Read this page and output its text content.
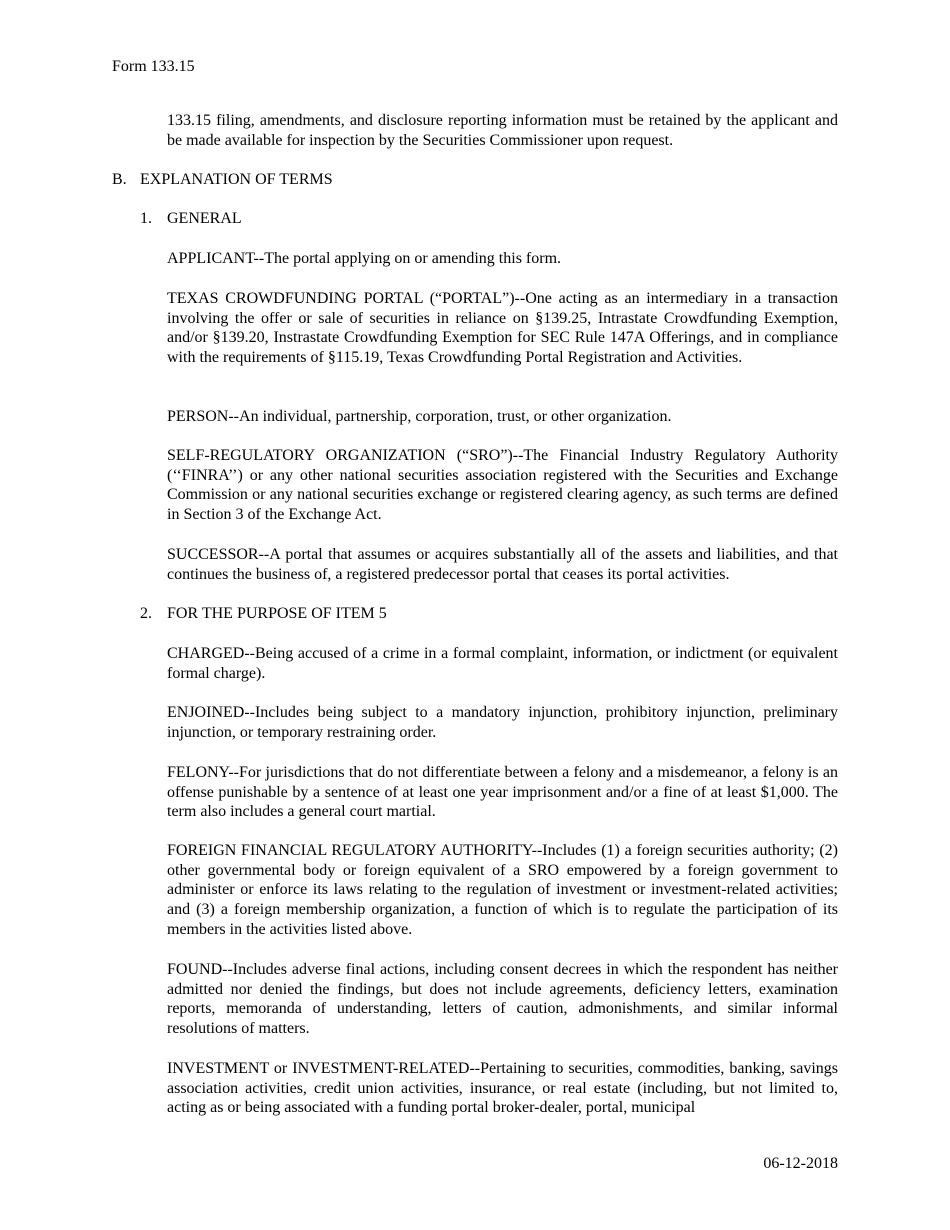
Form 133.15

133.15 filing, amendments, and disclosure reporting information must be retained by the applicant and be made available for inspection by the Securities Commissioner upon request.

B. EXPLANATION OF TERMS
1. GENERAL

APPLICANT--The portal applying on or amending this form.

TEXAS CROWDFUNDING PORTAL (“PORTAL”)--One acting as an intermediary in a transaction involving the offer or sale of securities in reliance on §139.25, Intrastate Crowdfunding Exemption, and/or §139.20, Instrastate Crowdfunding Exemption for SEC Rule 147A Offerings, and in compliance with the requirements of §115.19, Texas Crowdfunding Portal Registration and Activities.

PERSON--An individual, partnership, corporation, trust, or other organization.

SELF-REGULATORY ORGANIZATION (“SRO”)--The Financial Industry Regulatory Authority (‘‘FINRA’’) or any other national securities association registered with the Securities and Exchange Commission or any national securities exchange or registered clearing agency, as such terms are defined in Section 3 of the Exchange Act.

SUCCESSOR--A portal that assumes or acquires substantially all of the assets and liabilities, and that continues the business of, a registered predecessor portal that ceases its portal activities.

2. FOR THE PURPOSE OF ITEM 5

CHARGED--Being accused of a crime in a formal complaint, information, or indictment (or equivalent formal charge).

ENJOINED--Includes being subject to a mandatory injunction, prohibitory injunction, preliminary injunction, or temporary restraining order.

FELONY--For jurisdictions that do not differentiate between a felony and a misdemeanor, a felony is an offense punishable by a sentence of at least one year imprisonment and/or a fine of at least $1,000. The term also includes a general court martial.

FOREIGN FINANCIAL REGULATORY AUTHORITY--Includes (1) a foreign securities authority; (2) other governmental body or foreign equivalent of a SRO empowered by a foreign government to administer or enforce its laws relating to the regulation of investment or investment-related activities; and (3) a foreign membership organization, a function of which is to regulate the participation of its members in the activities listed above.

FOUND--Includes adverse final actions, including consent decrees in which the respondent has neither admitted nor denied the findings, but does not include agreements, deficiency letters, examination reports, memoranda of understanding, letters of caution, admonishments, and similar informal resolutions of matters.

INVESTMENT or INVESTMENT-RELATED--Pertaining to securities, commodities, banking, savings association activities, credit union activities, insurance, or real estate (including, but not limited to, acting as or being associated with a funding portal broker-dealer, portal, municipal

06-12-2018
